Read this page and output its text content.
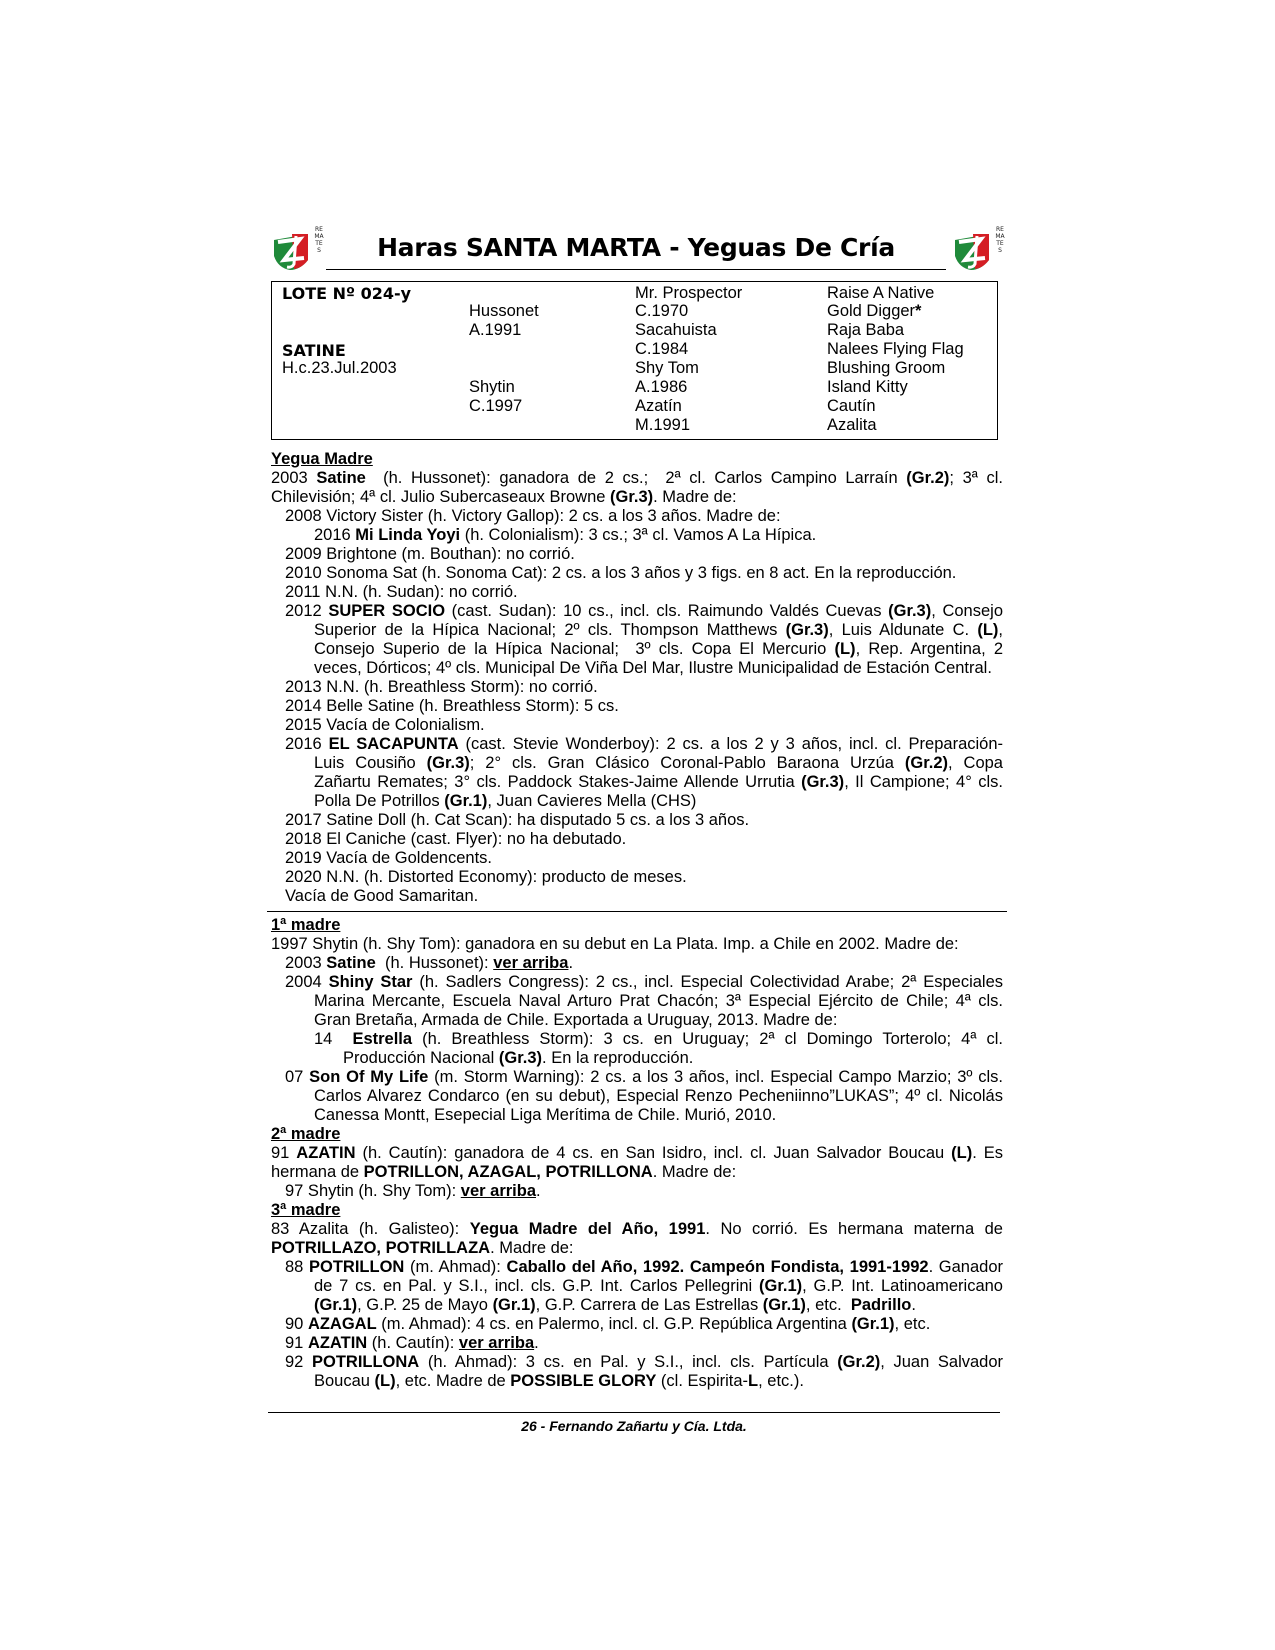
REMATES
REMATES
Haras SANTA MARTA - Yeguas De Cría
LOTE Nº 024-y
SATINE
H.c.23.Jul.2003
Hussonet
A.1991
Shytin
C.1997
Mr. Prospector
C.1970
Sacahuista
C.1984
Shy Tom
A.1986
Azatín
M.1991
Raise A Native
Gold Digger*
Raja Baba
Nalees Flying Flag
Blushing Groom
Island Kitty
Cautín
Azalita
Yegua Madre
2003 Satine  (h. Hussonet): ganadora de 2 cs.;  2ª cl. Carlos Campino Larraín (Gr.2); 3ª cl.
Chilevisión; 4ª cl. Julio Subercaseaux Browne (Gr.3). Madre de:
2008 Victory Sister (h. Victory Gallop): 2 cs. a los 3 años. Madre de:
2016 Mi Linda Yoyi (h. Colonialism): 3 cs.; 3ª cl. Vamos A La Hípica.
2009 Brightone (m. Bouthan): no corrió.
2010 Sonoma Sat (h. Sonoma Cat): 2 cs. a los 3 años y 3 figs. en 8 act. En la reproducción.
2011 N.N. (h. Sudan): no corrió.
2012 SUPER SOCIO (cast. Sudan): 10 cs., incl. cls. Raimundo Valdés Cuevas (Gr.3), Consejo
Superior de la Hípica Nacional; 2º cls. Thompson Matthews (Gr.3), Luis Aldunate C. (L),
Consejo Superio de la Hípica Nacional;  3º cls. Copa El Mercurio (L), Rep. Argentina, 2
veces, Dórticos; 4º cls. Municipal De Viña Del Mar, Ilustre Municipalidad de Estación Central.
2013 N.N. (h. Breathless Storm): no corrió.
2014 Belle Satine (h. Breathless Storm): 5 cs.
2015 Vacía de Colonialism.
2016 EL SACAPUNTA (cast. Stevie Wonderboy): 2 cs. a los 2 y 3 años, incl. cl. Preparación-
Luis Cousiño (Gr.3); 2° cls. Gran Clásico Coronal-Pablo Baraona Urzúa (Gr.2), Copa
Zañartu Remates; 3° cls. Paddock Stakes-Jaime Allende Urrutia (Gr.3), Il Campione; 4° cls.
Polla De Potrillos (Gr.1), Juan Cavieres Mella (CHS)
2017 Satine Doll (h. Cat Scan): ha disputado 5 cs. a los 3 años.
2018 El Caniche (cast. Flyer): no ha debutado.
2019 Vacía de Goldencents.
2020 N.N. (h. Distorted Economy): producto de meses.
Vacía de Good Samaritan.
1ª madre
1997 Shytin (h. Shy Tom): ganadora en su debut en La Plata. Imp. a Chile en 2002. Madre de:
2003 Satine  (h. Hussonet): ver arriba.
2004 Shiny Star (h. Sadlers Congress): 2 cs., incl. Especial Colectividad Arabe; 2ª Especiales
Marina Mercante, Escuela Naval Arturo Prat Chacón; 3ª Especial Ejército de Chile; 4ª cls.
Gran Bretaña, Armada de Chile. Exportada a Uruguay, 2013. Madre de:
14  Estrella (h. Breathless Storm): 3 cs. en Uruguay; 2ª cl Domingo Torterolo; 4ª cl.
Producción Nacional (Gr.3). En la reproducción.
07 Son Of My Life (m. Storm Warning): 2 cs. a los 3 años, incl. Especial Campo Marzio; 3º cls.
Carlos Alvarez Condarco (en su debut), Especial Renzo Pecheniinno”LUKAS”; 4º cl. Nicolás
Canessa Montt, Esepecial Liga Merítima de Chile. Murió, 2010.
2ª madre
91 AZATIN (h. Cautín): ganadora de 4 cs. en San Isidro, incl. cl. Juan Salvador Boucau (L). Es
hermana de POTRILLON, AZAGAL, POTRILLONA. Madre de:
97 Shytin (h. Shy Tom): ver arriba.
3ª madre
83 Azalita (h. Galisteo): Yegua Madre del Año, 1991. No corrió. Es hermana materna de
POTRILLAZO, POTRILLAZA. Madre de:
88 POTRILLON (m. Ahmad): Caballo del Año, 1992. Campeón Fondista, 1991-1992. Ganador
de 7 cs. en Pal. y S.I., incl. cls. G.P. Int. Carlos Pellegrini (Gr.1), G.P. Int. Latinoamericano
(Gr.1), G.P. 25 de Mayo (Gr.1), G.P. Carrera de Las Estrellas (Gr.1), etc.  Padrillo.
90 AZAGAL (m. Ahmad): 4 cs. en Palermo, incl. cl. G.P. República Argentina (Gr.1), etc.
91 AZATIN (h. Cautín): ver arriba.
92 POTRILLONA (h. Ahmad): 3 cs. en Pal. y S.I., incl. cls. Partícula (Gr.2), Juan Salvador
Boucau (L), etc. Madre de POSSIBLE GLORY (cl. Espirita-L, etc.).
26 - Fernando Zañartu y Cía. Ltda.
